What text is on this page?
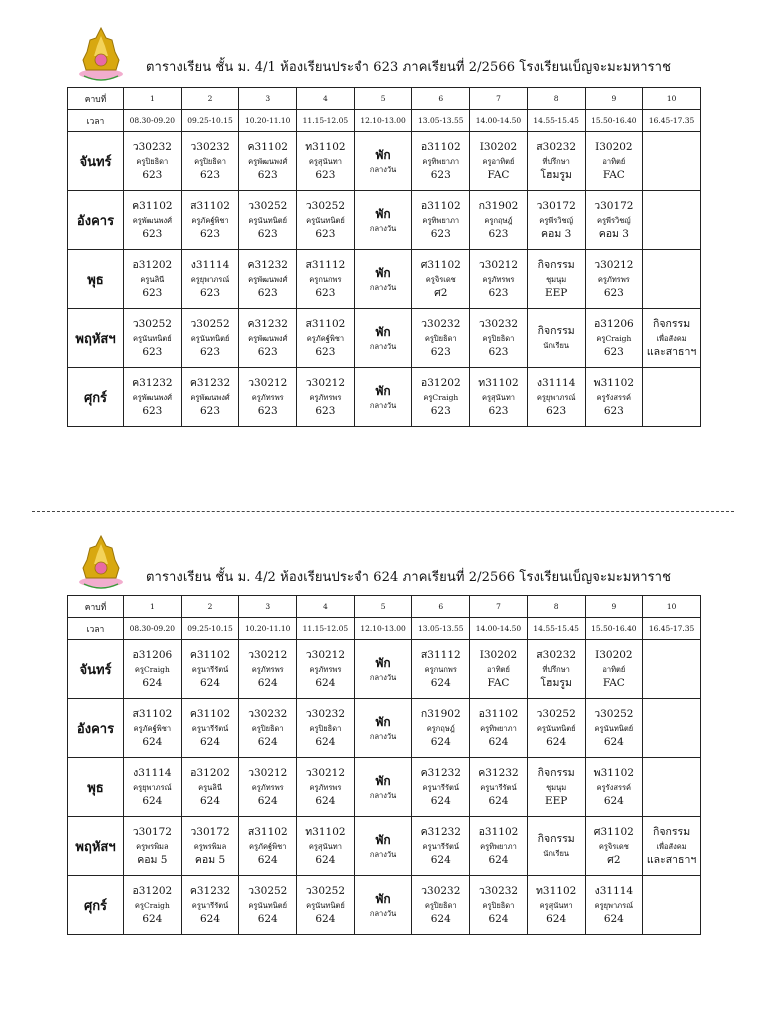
ตารางเรียน ชั้น ม. 4/1 ห้องเรียนประจำ 623 ภาคเรียนที่ 2/2566 โรงเรียนเบ็ญจะมะมหาราช
คาบที่	1	2	3	4	5	6	7	8	9	10
เวลา	08.30-09.20	09.25-10.15	10.20-11.10	11.15-12.05	12.10-13.00	13.05-13.55	14.00-14.50	14.55-15.45	15.50-16.40	16.45-17.35
จันทร์	ว30232
ครูปิยธิดา
623	ว30232
ครูปิยธิดา
623	ค31102
ครูพัฒนพงศ์
623	ท31102
ครูสุนันทา
623	พัก
กลางวัน	อ31102
ครูทิพยาภา
623	I30202
ครูอาทิตย์
FAC	ส30232
ที่ปรึกษา
โฮมรูม	I30202
อาทิตย์
FAC	

อังคาร	ค31102
ครูพัฒนพงศ์
623	ส31102
ครูภัคฐ์พิชา
623	ว30252
ครูนันทนิตย์
623	ว30252
ครูนันทนิตย์
623	พัก
กลางวัน	อ31102
ครูทิพยาภา
623	ก31902
ครูกฤษฎ์
623	ว30172
ครูพีรวิชญ์
คอม 3	ว30172
ครูพีรวิชญ์
คอม 3	

พุธ	อ31202
ครูนลินี
623	ง31114
ครูยุพาภรณ์
623	ค31232
ครูพัฒนพงศ์
623	ส31112
ครูกนกพร
623	พัก
กลางวัน	ศ31102
ครูจิรเดช
ศ2	ว30212
ครูภัทรพร
623	กิจกรรม
ชุมนุม
EEP	ว30212
ครูภัทรพร
623	

พฤหัสฯ	ว30252
ครูนันทนิตย์
623	ว30252
ครูนันทนิตย์
623	ค31232
ครูพัฒนพงศ์
623	ส31102
ครูภัคฐ์พิชา
623	พัก
กลางวัน	ว30232
ครูปิยธิดา
623	ว30232
ครูปิยธิดา
623	กิจกรรม
นักเรียน	อ31206
ครูCraigh
623	กิจกรรม
เพื่อสังคม
และสาธาฯ

ศุกร์	ค31232
ครูพัฒนพงศ์
623	ค31232
ครูพัฒนพงศ์
623	ว30212
ครูภัทรพร
623	ว30212
ครูภัทรพร
623	พัก
กลางวัน	อ31202
ครูCraigh
623	ท31102
ครูสุนันทา
623	ง31114
ครูยุพาภรณ์
623	พ31102
ครูรังสรรค์
623	

ตารางเรียน ชั้น ม. 4/2 ห้องเรียนประจำ 624 ภาคเรียนที่ 2/2566 โรงเรียนเบ็ญจะมะมหาราช
คาบที่	1	2	3	4	5	6	7	8	9	10
เวลา	08.30-09.20	09.25-10.15	10.20-11.10	11.15-12.05	12.10-13.00	13.05-13.55	14.00-14.50	14.55-15.45	15.50-16.40	16.45-17.35
จันทร์	อ31206
ครูCraigh
624	ค31102
ครูนารีรัตน์
624	ว30212
ครูภัทรพร
624	ว30212
ครูภัทรพร
624	พัก
กลางวัน	ส31112
ครูกนกพร
624	I30202
อาทิตย์
FAC	ส30232
ที่ปรึกษา
โฮมรูม	I30202
อาทิตย์
FAC	

อังคาร	ส31102
ครูภัคฐ์พิชา
624	ค31102
ครูนารีรัตน์
624	ว30232
ครูปิยธิดา
624	ว30232
ครูปิยธิดา
624	พัก
กลางวัน	ก31902
ครูกฤษฎ์
624	อ31102
ครูทิพยาภา
624	ว30252
ครูนันทนิตย์
624	ว30252
ครูนันทนิตย์
624	

พุธ	ง31114
ครูยุพาภรณ์
624	อ31202
ครูนลินี
624	ว30212
ครูภัทรพร
624	ว30212
ครูภัทรพร
624	พัก
กลางวัน	ค31232
ครูนารีรัตน์
624	ค31232
ครูนารีรัตน์
624	กิจกรรม
ชุมนุม
EEP	พ31102
ครูรังสรรค์
624	

พฤหัสฯ	ว30172
ครูพรพิมล
คอม 5	ว30172
ครูพรพิมล
คอม 5	ส31102
ครูภัคฐ์พิชา
624	ท31102
ครูสุนันทา
624	พัก
กลางวัน	ค31232
ครูนารีรัตน์
624	อ31102
ครูทิพยาภา
624	กิจกรรม
นักเรียน	ศ31102
ครูจิรเดช
ศ2	กิจกรรม
เพื่อสังคม
และสาธาฯ

ศุกร์	อ31202
ครูCraigh
624	ค31232
ครูนารีรัตน์
624	ว30252
ครูนันทนิตย์
624	ว30252
ครูนันทนิตย์
624	พัก
กลางวัน	ว30232
ครูปิยธิดา
624	ว30232
ครูปิยธิดา
624	ท31102
ครูสุนันทา
624	ง31114
ครูยุพาภรณ์
624	
